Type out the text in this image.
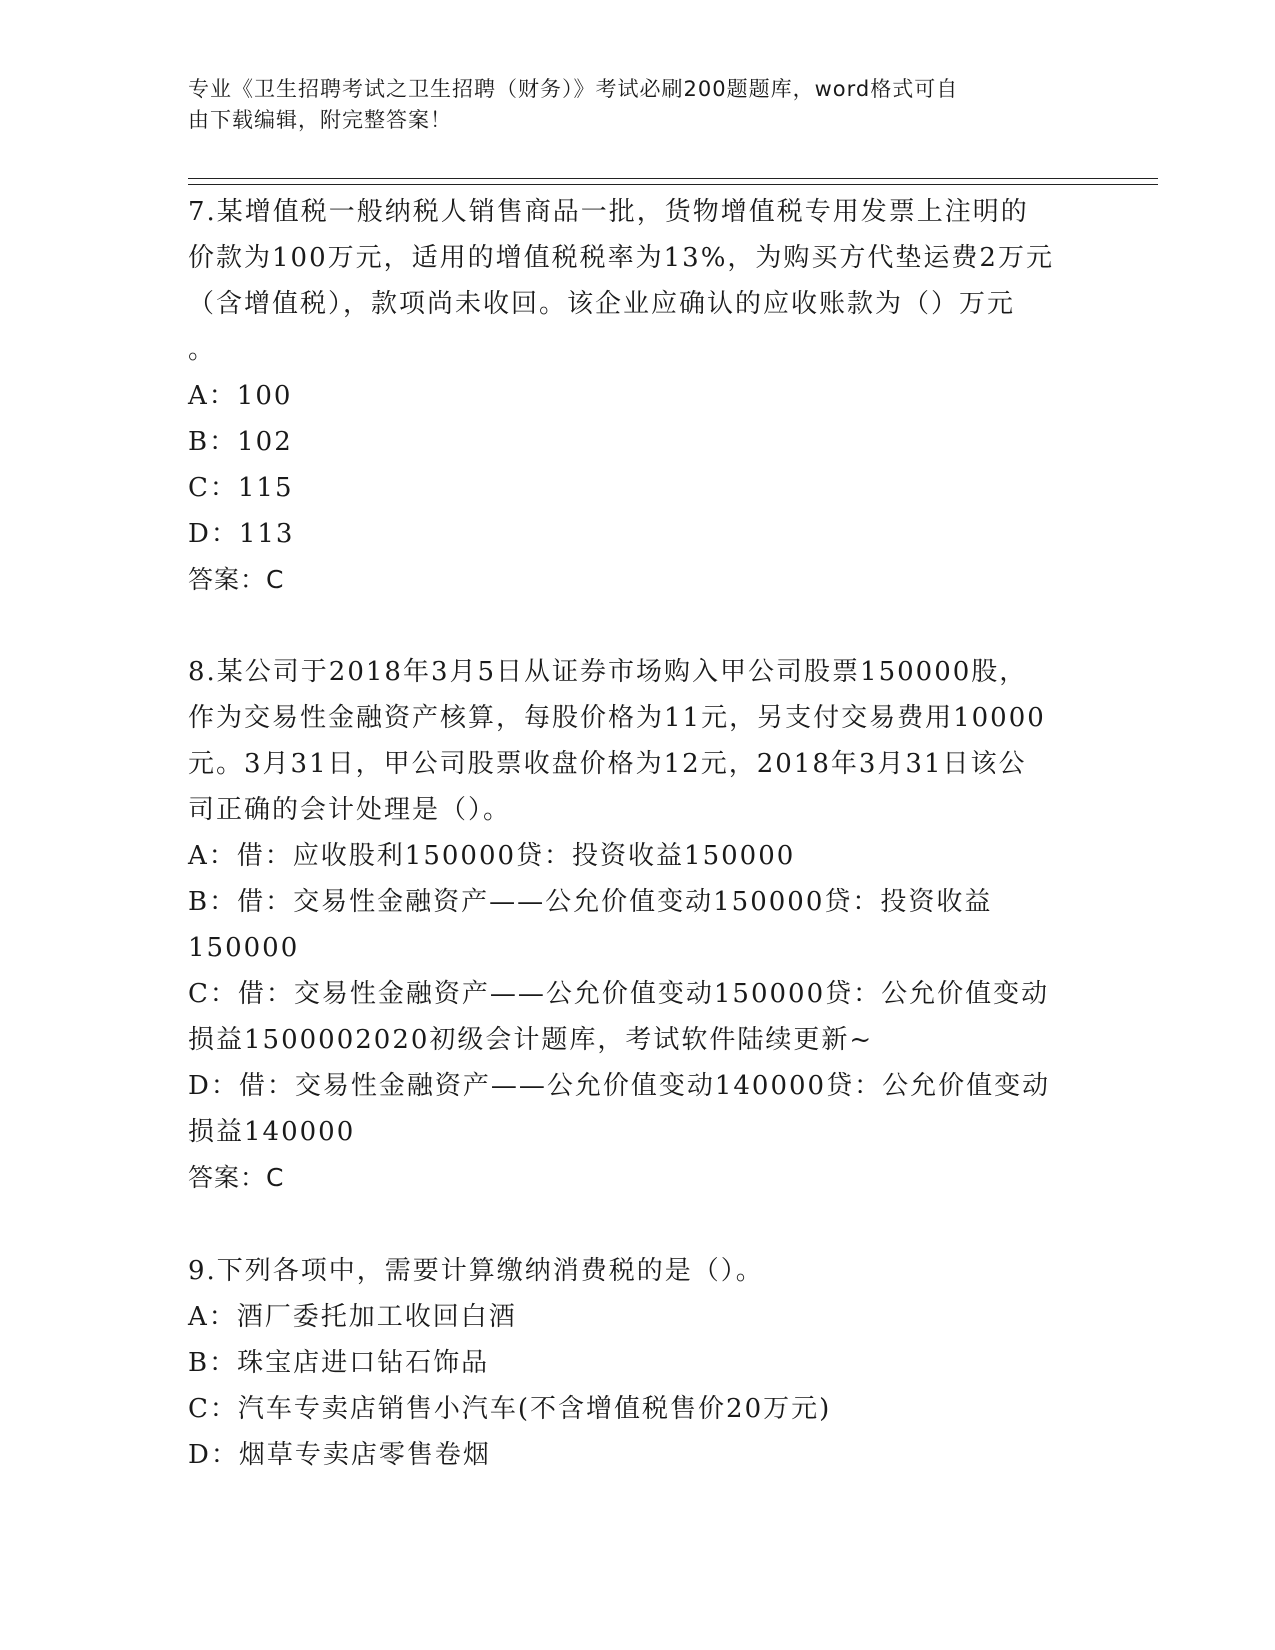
专业《卫生招聘考试之卫生招聘（财务）》考试必刷200题题库，word格式可自
由下载编辑，附完整答案！

7.某增值税一般纳税人销售商品一批，货物增值税专用发票上注明的

价款为100万元，适用的增值税税率为13%，为购买方代垫运费2万元

（含增值税），款项尚未收回。该企业应确认的应收账款为（）万元

。

A：100

B：102

C：115

D：113

答案：C

8.某公司于2018年3月5日从证券市场购入甲公司股票150000股，

作为交易性金融资产核算，每股价格为11元，另支付交易费用10000

元。3月31日，甲公司股票收盘价格为12元，2018年3月31日该公

司正确的会计处理是（）。

A：借：应收股利150000贷：投资收益150000

B：借：交易性金融资产——公允价值变动150000贷：投资收益

150000

C：借：交易性金融资产——公允价值变动150000贷：公允价值变动

损益1500002020初级会计题库，考试软件陆续更新~

D：借：交易性金融资产——公允价值变动140000贷：公允价值变动

损益140000

答案：C

9.下列各项中，需要计算缴纳消费税的是（）。

A：酒厂委托加工收回白酒

B：珠宝店进口钻石饰品

C：汽车专卖店销售小汽车(不含增值税售价20万元)

D：烟草专卖店零售卷烟
